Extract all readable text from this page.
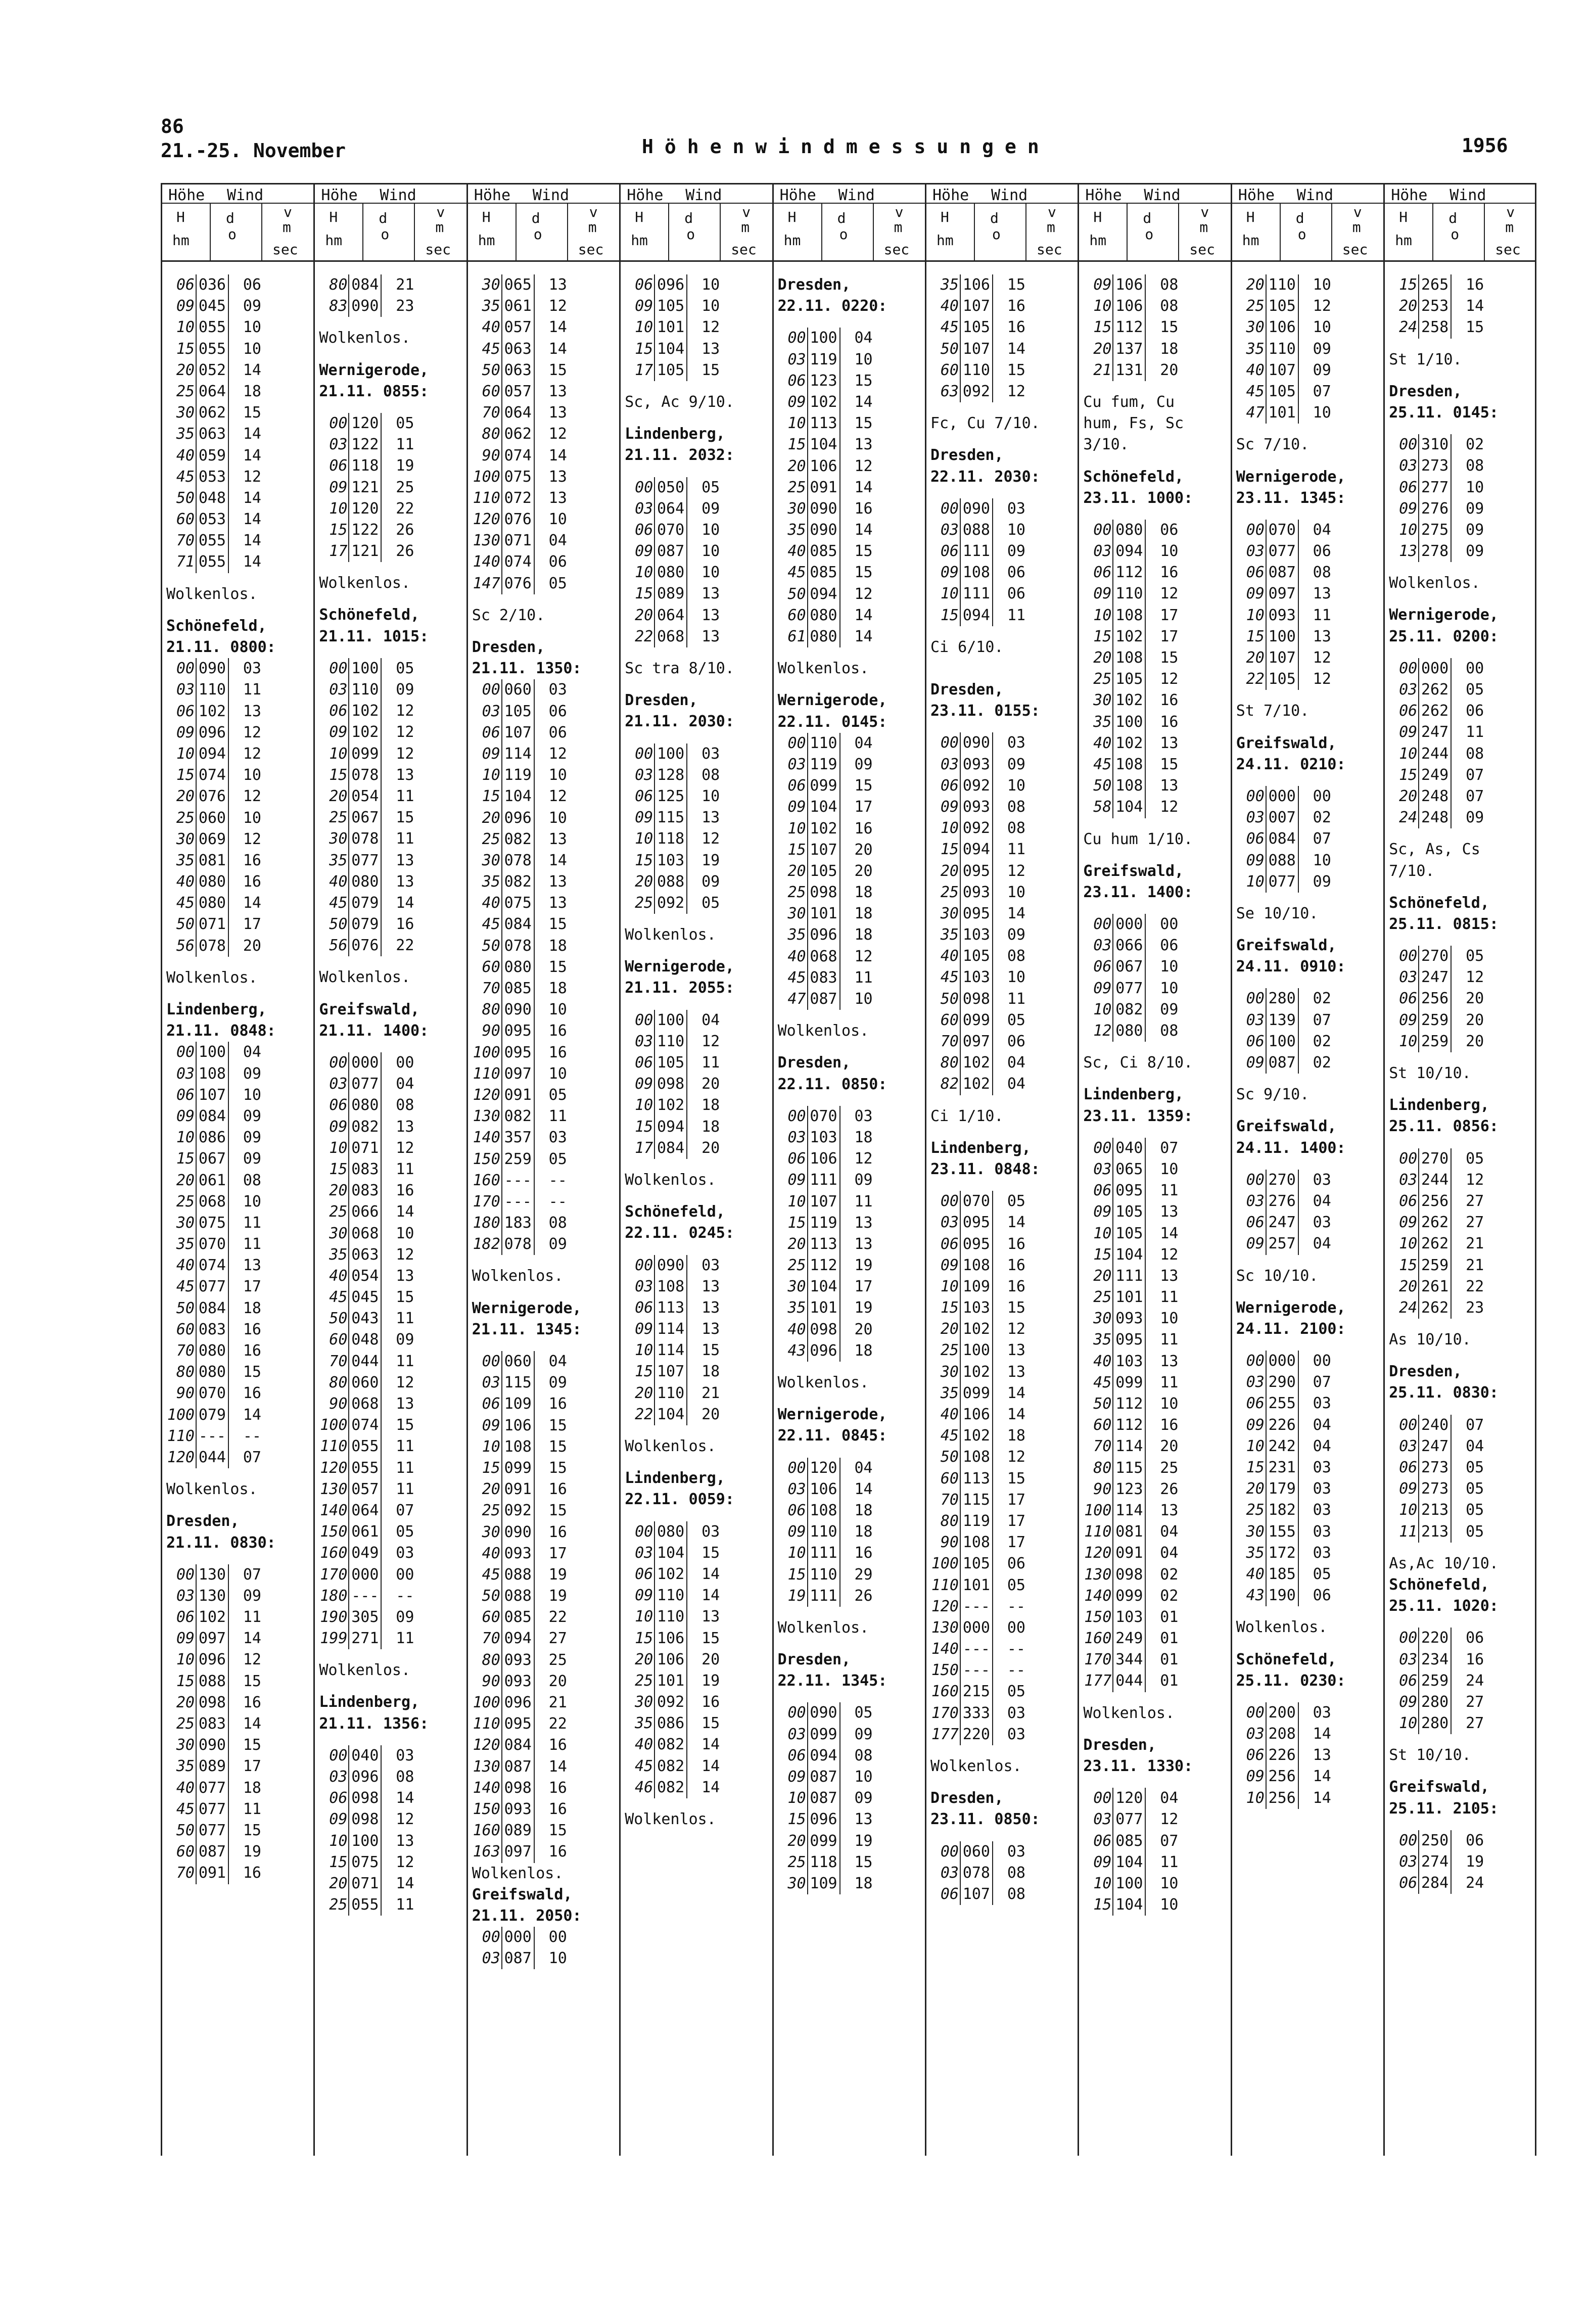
86
21.-25. November	Höhenwindmessungen	1956
Höhe Wind
H
hm
d
o
v
m
sec
06 036	06
09 045	09
10 055	10
15 055	10
20 052	14
25 064	18
30 062	15
35 063	14
40 059	14
45 053	12
50 048	14
60 053	14
70 055	14
71 055	14
Wolkenlos.
Schönefeld,
21.11. 0800:
00 090	03
03 110	11
06 102	13
09 096	12
10 094	12
15 074	10
20 076	12
25 060	10
30 069	12
35 081	16
40 080	16
45 080	14
50 071	17
56 078	20
Wolkenlos.
Lindenberg,
21.11. 0848:
00 100	04
03 108	09
06 107	10
09 084	09
10 086	09
15 067	09
20 061	08
25 068	10
30 075	11
35 070	11
40 074	13
45 077	17
50 084	18
60 083	16
70 080	16
80 080	15
90 070	16
100 079	14
110 ---	--
120 044	07
Wolkenlos.
Dresden,
21.11. 0830:
00 130	07
03 130	09
06 102	11
09 097	14
10 096	12
15 088	15
20 098	16
25 083	14
30 090	15
35 089	17
40 077	18
45 077	11
50 077	15
60 087	19
70 091	16
Höhe Wind
H
hm
d
o
v
m
sec
80 084	21
83 090	23
Wolkenlos.
Wernigerode,
21.11. 0855:
00 120	05
03 122	11
06 118	19
09 121	25
10 120	22
15 122	26
17 121	26
Wolkenlos.
Schönefeld,
21.11. 1015:
00 100	05
03 110	09
06 102	12
09 102	12
10 099	12
15 078	13
20 054	11
25 067	15
30 078	11
35 077	13
40 080	13
45 079	14
50 079	16
56 076	22
Wolkenlos.
Greifswald,
21.11. 1400:
00 000	00
03 077	04
06 080	08
09 082	13
10 071	12
15 083	11
20 083	16
25 066	14
30 068	10
35 063	12
40 054	13
45 045	15
50 043	11
60 048	09
70 044	11
80 060	12
90 068	13
100 074	15
110 055	11
120 055	11
130 057	11
140 064	07
150 061	05
160 049	03
170 000	00
180 ---	--
190 305	09
199 271	11
Wolkenlos.
Lindenberg,
21.11. 1356:
00 040	03
03 096	08
06 098	14
09 098	12
10 100	13
15 075	12
20 071	14
25 055	11
Höhe Wind
H
hm
d
o
v
m
sec
30 065	13
35 061	12
40 057	14
45 063	14
50 063	15
60 057	13
70 064	13
80 062	12
90 074	14
100 075	13
110 072	13
120 076	10
130 071	04
140 074	06
147 076	05
Sc 2/10.
Dresden,
21.11. 1350:
00 060	03
03 105	06
06 107	06
09 114	12
10 119	10
15 104	12
20 096	10
25 082	13
30 078	14
35 082	13
40 075	13
45 084	15
50 078	18
60 080	15
70 085	18
80 090	10
90 095	16
100 095	16
110 097	10
120 091	05
130 082	11
140 357	03
150 259	05
160 ---	--
170 ---	--
180 183	08
182 078	09
Wolkenlos.
Wernigerode,
21.11. 1345:
00 060	04
03 115	09
06 109	16
09 106	15
10 108	15
15 099	15
20 091	16
25 092	15
30 090	16
40 093	17
45 088	19
50 088	19
60 085	22
70 094	27
80 093	25
90 093	20
100 096	21
110 095	22
120 084	16
130 087	14
140 098	16
150 093	16
160 089	15
163 097	16
Wolkenlos.
Greifswald,
21.11. 2050:
00 000	00
03 087	10
Höhe Wind
H
hm
d
o
v
m
sec
06 096	10
09 105	10
10 101	12
15 104	13
17 105	15
Sc, Ac 9/10.
Lindenberg,
21.11. 2032:
00 050	05
03 064	09
06 070	10
09 087	10
10 080	10
15 089	13
20 064	13
22 068	13
Sc tra 8/10.
Dresden,
21.11. 2030:
00 100	03
03 128	08
06 125	10
09 115	13
10 118	12
15 103	19
20 088	09
25 092	05
Wolkenlos.
Wernigerode,
21.11. 2055:
00 100	04
03 110	12
06 105	11
09 098	20
10 102	18
15 094	18
17 084	20
Wolkenlos.
Schönefeld,
22.11. 0245:
00 090	03
03 108	13
06 113	13
09 114	13
10 114	15
15 107	18
20 110	21
22 104	20
Wolkenlos.
Lindenberg,
22.11. 0059:
00 080	03
03 104	15
06 102	14
09 110	14
10 110	13
15 106	15
20 106	20
25 101	19
30 092	16
35 086	15
40 082	14
45 082	14
46 082	14
Wolkenlos.
Höhe Wind
H
hm
d
o
v
m
sec
Dresden,
22.11. 0220:
00 100	04
03 119	10
06 123	15
09 102	14
10 113	15
15 104	13
20 106	12
25 091	14
30 090	16
35 090	14
40 085	15
45 085	15
50 094	12
60 080	14
61 080	14
Wolkenlos.
Wernigerode,
22.11. 0145:
00 110	04
03 119	09
06 099	15
09 104	17
10 102	16
15 107	20
20 105	20
25 098	18
30 101	18
35 096	18
40 068	12
45 083	11
47 087	10
Wolkenlos.
Dresden,
22.11. 0850:
00 070	03
03 103	18
06 106	12
09 111	09
10 107	11
15 119	13
20 113	13
25 112	19
30 104	17
35 101	19
40 098	20
43 096	18
Wolkenlos.
Wernigerode,
22.11. 0845:
00 120	04
03 106	14
06 108	18
09 110	18
10 111	16
15 110	29
19 111	26
Wolkenlos.
Dresden,
22.11. 1345:
00 090	05
03 099	09
06 094	08
09 087	10
10 087	09
15 096	13
20 099	19
25 118	15
30 109	18
Höhe Wind
H
hm
d
o
v
m
sec
35 106	15
40 107	16
45 105	16
50 107	14
60 110	15
63 092	12
Fc, Cu 7/10.
Dresden,
22.11. 2030:
00 090	03
03 088	10
06 111	09
09 108	06
10 111	06
15 094	11
Ci 6/10.
Dresden,
23.11. 0155:
00 090	03
03 093	09
06 092	10
09 093	08
10 092	08
15 094	11
20 095	12
25 093	10
30 095	14
35 103	09
40 105	08
45 103	10
50 098	11
60 099	05
70 097	06
80 102	04
82 102	04
Ci 1/10.
Lindenberg,
23.11. 0848:
00 070	05
03 095	14
06 095	16
09 108	16
10 109	16
15 103	15
20 102	12
25 100	13
30 102	13
35 099	14
40 106	14
45 102	18
50 108	12
60 113	15
70 115	17
80 119	17
90 108	17
100 105	06
110 101	05
120 ---	--
130 000	00
140 ---	--
150 ---	--
160 215	05
170 333	03
177 220	03
Wolkenlos.
Dresden,
23.11. 0850:
00 060	03
03 078	08
06 107	08
Höhe Wind
H
hm
d
o
v
m
sec
09 106	08
10 106	08
15 112	15
20 137	18
21 131	20
Cu fum, Cu
hum, Fs, Sc
3/10.
Schönefeld,
23.11. 1000:
00 080	06
03 094	10
06 112	16
09 110	12
10 108	17
15 102	17
20 108	15
25 105	12
30 102	16
35 100	16
40 102	13
45 108	15
50 108	13
58 104	12
Cu hum 1/10.
Greifswald,
23.11. 1400:
00 000	00
03 066	06
06 067	10
09 077	10
10 082	09
12 080	08
Sc, Ci 8/10.
Lindenberg,
23.11. 1359:
00 040	07
03 065	10
06 095	11
09 105	13
10 105	14
15 104	12
20 111	13
25 101	11
30 093	10
35 095	11
40 103	13
45 099	11
50 112	10
60 112	16
70 114	20
80 115	25
90 123	26
100 114	13
110 081	04
120 091	04
130 098	02
140 099	02
150 103	01
160 249	01
170 344	01
177 044	01
Wolkenlos.
Dresden,
23.11. 1330:
00 120	04
03 077	12
06 085	07
09 104	11
10 100	10
15 104	10
Höhe Wind
H
hm
d
o
v
m
sec
20 110	10
25 105	12
30 106	10
35 110	09
40 107	09
45 105	07
47 101	10
Sc 7/10.
Wernigerode,
23.11. 1345:
00 070	04
03 077	06
06 087	08
09 097	13
10 093	11
15 100	13
20 107	12
22 105	12
St 7/10.
Greifswald,
24.11. 0210:
00 000	00
03 007	02
06 084	07
09 088	10
10 077	09
Se 10/10.
Greifswald,
24.11. 0910:
00 280	02
03 139	07
06 100	02
09 087	02
Sc 9/10.
Greifswald,
24.11. 1400:
00 270	03
03 276	04
06 247	03
09 257	04
Sc 10/10.
Wernigerode,
24.11. 2100:
00 000	00
03 290	07
06 255	03
09 226	04
10 242	04
15 231	03
20 179	03
25 182	03
30 155	03
35 172	03
40 185	05
43 190	06
Wolkenlos.
Schönefeld,
25.11. 0230:
00 200	03
03 208	14
06 226	13
09 256	14
10 256	14
Höhe Wind
H
hm
d
o
v
m
sec
15 265	16
20 253	14
24 258	15
St 1/10.
Dresden,
25.11. 0145:
00 310	02
03 273	08
06 277	10
09 276	09
10 275	09
13 278	09
Wolkenlos.
Wernigerode,
25.11. 0200:
00 000	00
03 262	05
06 262	06
09 247	11
10 244	08
15 249	07
20 248	07
24 248	09
Sc, As, Cs
7/10.
Schönefeld,
25.11. 0815:
00 270	05
03 247	12
06 256	20
09 259	20
10 259	20
St 10/10.
Lindenberg,
25.11. 0856:
00 270	05
03 244	12
06 256	27
09 262	27
10 262	21
15 259	21
20 261	22
24 262	23
As 10/10.
Dresden,
25.11. 0830:
00 240	07
03 247	04
06 273	05
09 273	05
10 213	05
11 213	05
As,Ac 10/10.
Schönefeld,
25.11. 1020:
00 220	06
03 234	16
06 259	24
09 280	27
10 280	27
St 10/10.
Greifswald,
25.11. 2105:
00 250	06
03 274	19
06 284	24
